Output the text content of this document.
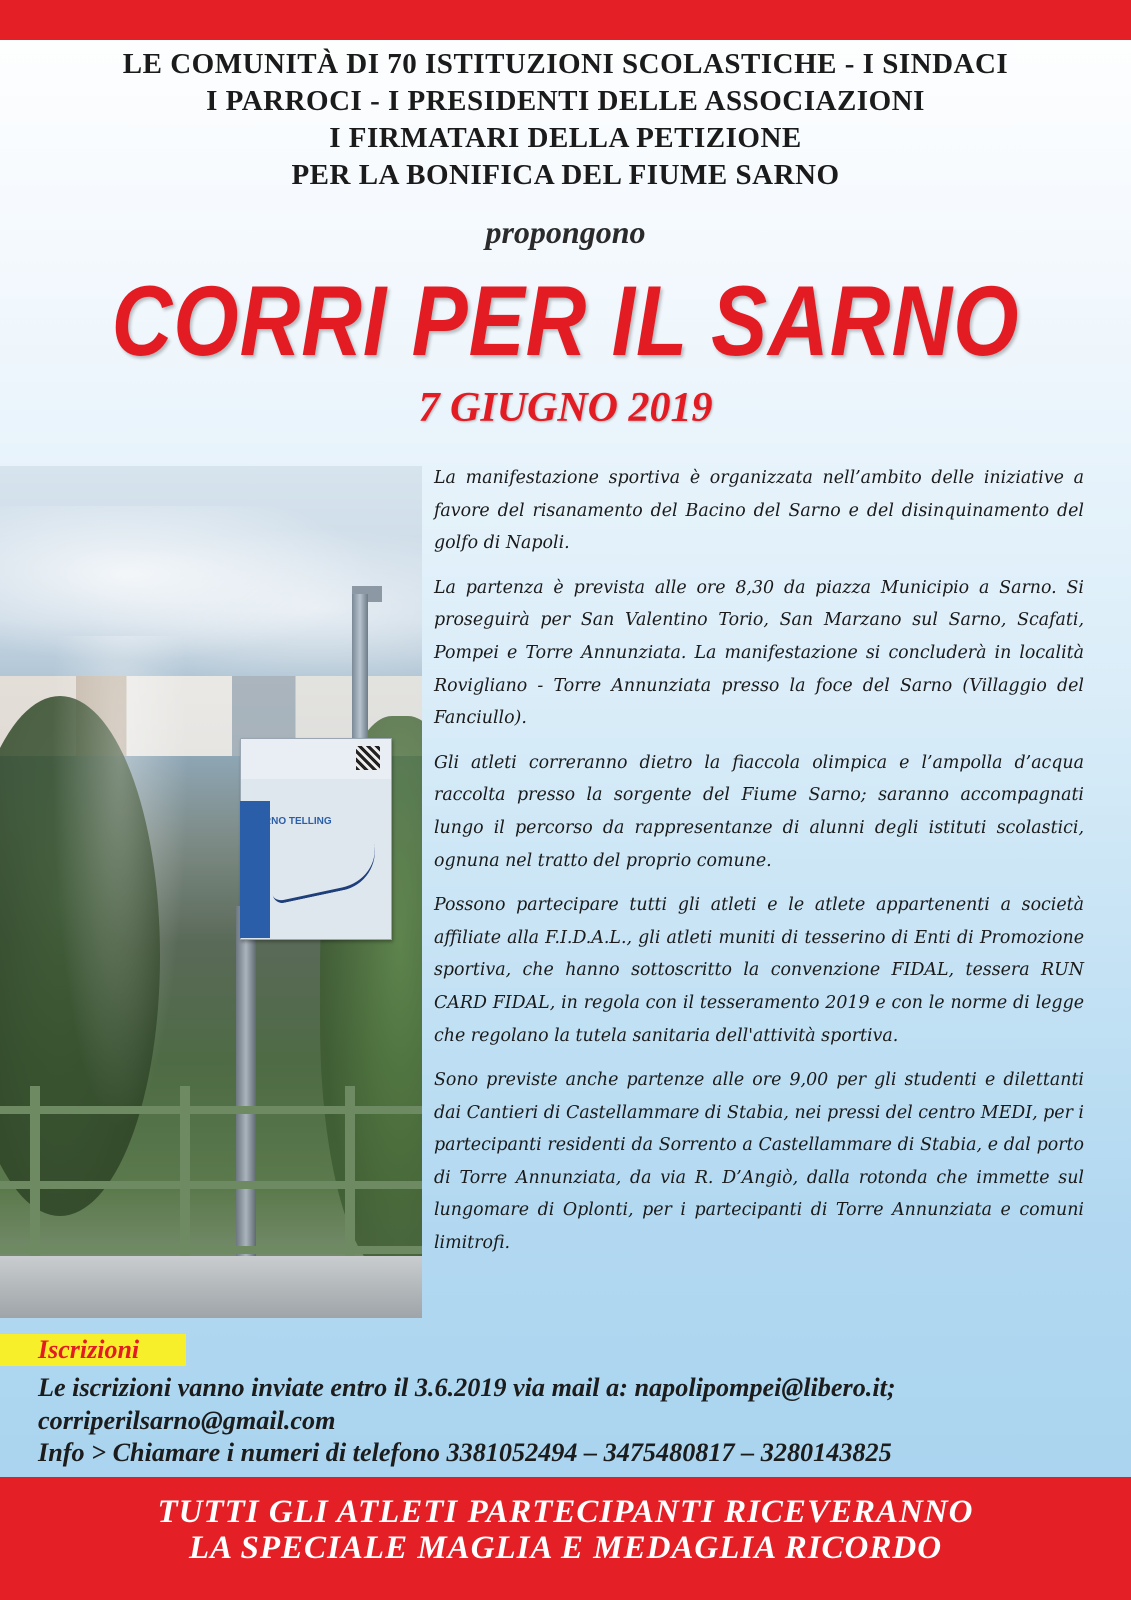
LE COMUNITÀ DI 70 ISTITUZIONI SCOLASTICHE - I SINDACI
I PARROCI - I PRESIDENTI DELLE ASSOCIAZIONI
I FIRMATARI DELLA PETIZIONE
PER LA BONIFICA DEL FIUME SARNO
propongono
CORRI PER IL SARNO
7 GIUGNO 2019
SARNO TELLING

La manifestazione sportiva è organizzata nell’ambito delle iniziative a favore del risanamento del Bacino del Sarno e del disinquinamento del golfo di Napoli.

La partenza è prevista alle ore 8,30 da piazza Municipio a Sarno. Si proseguirà per San Valentino Torio, San Marzano sul Sarno, Scafati, Pompei e Torre Annunziata. La manifestazione si concluderà in località Rovigliano - Torre Annunziata presso la foce del Sarno (Villaggio del Fanciullo).

Gli atleti correranno dietro la fiaccola olimpica e l’ampolla d’acqua raccolta presso la sorgente del Fiume Sarno; saranno accompagnati lungo il percorso da rappresentanze di alunni degli istituti scolastici, ognuna nel tratto del proprio comune.

Possono partecipare tutti gli atleti e le atlete appartenenti a società affiliate alla F.I.D.A.L., gli atleti muniti di tesserino di Enti di Promozione sportiva, che hanno sottoscritto la convenzione FIDAL, tessera RUN CARD FIDAL, in regola con il tesseramento 2019 e con le norme di legge che regolano la tutela sanitaria dell'attività sportiva.

Sono previste anche partenze alle ore 9,00 per gli studenti e dilettanti dai Cantieri di Castellammare di Stabia, nei pressi del centro MEDI, per i partecipanti residenti da Sorrento a Castellammare di Stabia, e dal porto di Torre Annunziata, da via R. D’Angiò, dalla rotonda che immette sul lungomare di Oplonti, per i partecipanti di Torre Annunziata e comuni limitrofi.

Iscrizioni
Le iscrizioni vanno inviate entro il 3.6.2019 via mail a: napolipompei@libero.it;
corriperilsarno@gmail.com
Info > Chiamare i numeri di telefono 3381052494 – 3475480817 – 3280143825
TUTTI GLI ATLETI PARTECIPANTI RICEVERANNO
LA SPECIALE MAGLIA E MEDAGLIA RICORDO
